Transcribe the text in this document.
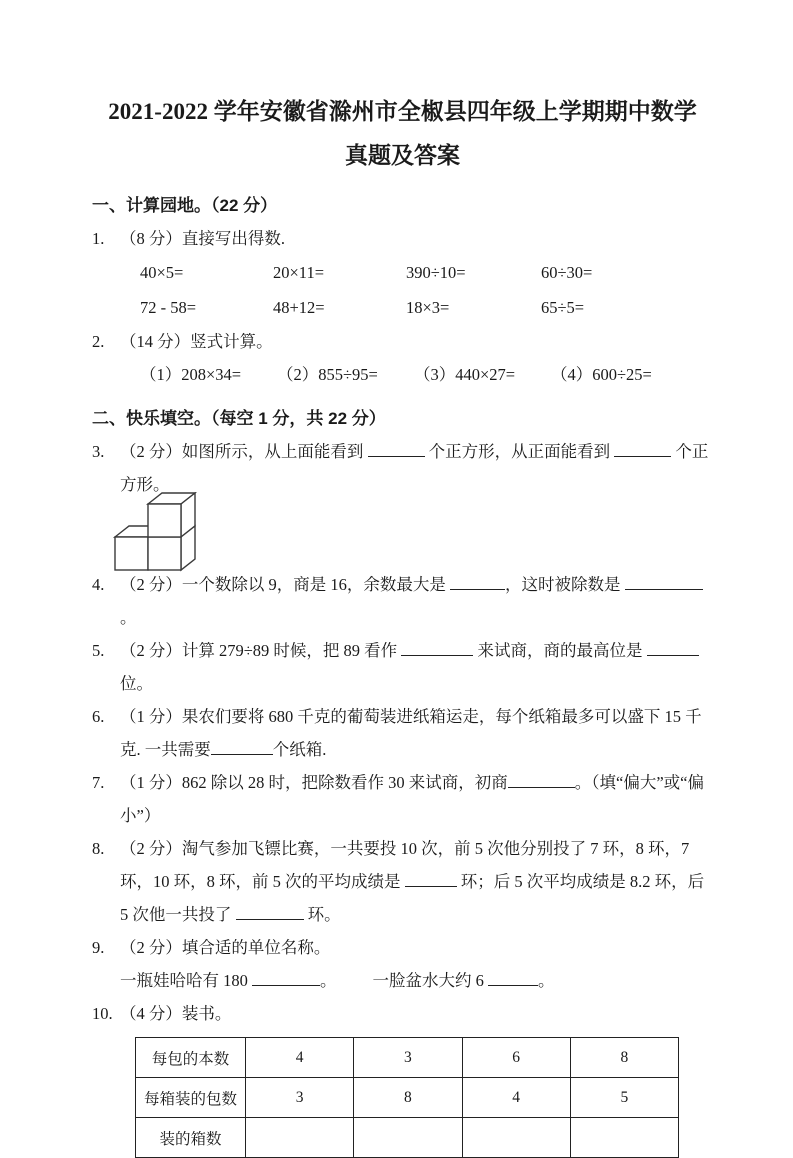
2021-2022 学年安徽省滁州市全椒县四年级上学期期中数学
真题及答案
一、计算园地。（22 分）
1. （8 分）直接写出得数.
40×5=	20×11=	390÷10=	60÷30=
72 - 58=	48+12=	18×3=	65÷5=
2. （14 分）竖式计算。
（1）208×34=	（2）855÷95=	（3）440×27=	（4）600÷25=
二、快乐填空。（每空 1 分，共 22 分）
3. （2 分）如图所示，从上面能看到	个正方形，从正面能看到	个正方形。
4. （2 分）一个数除以 9，商是 16，余数最大是	，这时被除数是 。
5. （2 分）计算 279÷89 时候，把 89 看作	来试商，商的最高位是  位。
6. （1 分）果农们要将 680 千克的葡萄装进纸箱运走，每个纸箱最多可以盛下 15 千克. 一共需要	个纸箱.
7. （1 分）862 除以 28 时，把除数看作 30 来试商，初商	。（填“偏大”或“偏小”）
8. （2 分）淘气参加飞镖比赛，一共要投 10 次，前 5 次他分别投了 7 环，8 环，7 环，10 环，8 环，前 5 次的平均成绩是	环；后 5 次平均成绩是 8.2 环，后 5 次他一共投了	环。
9. （2 分）填合适的单位名称。
一瓶娃哈哈有 180	。 一脸盆水大约 6	。
10. （4 分）装书。
每包的本数	4	3	6	8
每箱装的包数	3	8	4	5
装的箱数				
